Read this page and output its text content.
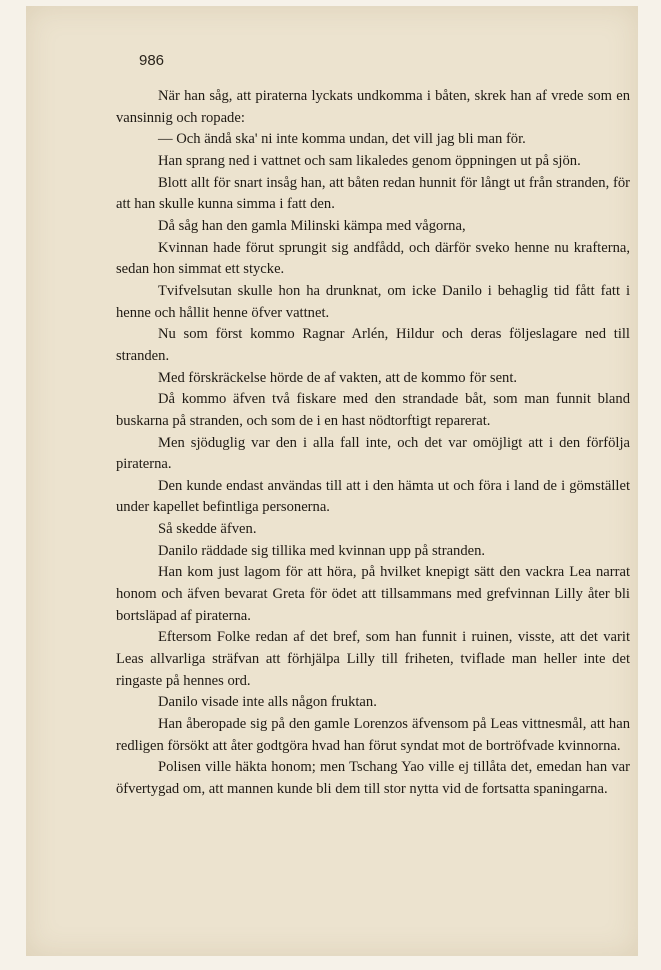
986

När han såg, att piraterna lyckats undkomma i båten, skrek han af vrede som en vansinnig och ropade:

— Och ändå ska' ni inte komma undan, det vill jag bli man för.

Han sprang ned i vattnet och sam likaledes genom öppningen ut på sjön.

Blott allt för snart insåg han, att båten redan hunnit för långt ut från stranden, för att han skulle kunna simma i fatt den.

Då såg han den gamla Milinski kämpa med vågorna,

Kvinnan hade förut sprungit sig andfådd, och därför sveko henne nu krafterna, sedan hon simmat ett stycke.

Tvifvelsutan skulle hon ha drunknat, om icke Danilo i behaglig tid fått fatt i henne och hållit henne öfver vattnet.

Nu som först kommo Ragnar Arlén, Hildur och deras följeslagare ned till stranden.

Med förskräckelse hörde de af vakten, att de kommo för sent.

Då kommo äfven två fiskare med den strandade båt, som man funnit bland buskarna på stranden, och som de i en hast nödtorftigt reparerat.

Men sjöduglig var den i alla fall inte, och det var omöjligt att i den förfölja piraterna.

Den kunde endast användas till att i den hämta ut och föra i land de i gömstället under kapellet befintliga personerna.

Så skedde äfven.

Danilo räddade sig tillika med kvinnan upp på stranden.

Han kom just lagom för att höra, på hvilket knepigt sätt den vackra Lea narrat honom och äfven bevarat Greta för ödet att tillsammans med grefvinnan Lilly åter bli bortsläpad af piraterna.

Eftersom Folke redan af det bref, som han funnit i ruinen, visste, att det varit Leas allvarliga sträfvan att förhjälpa Lilly till friheten, tviflade man heller inte det ringaste på hennes ord.

Danilo visade inte alls någon fruktan.

Han åberopade sig på den gamle Lorenzos äfvensom på Leas vittnesmål, att han redligen försökt att åter godtgöra hvad han förut syndat mot de bortröfvade kvinnorna.

Polisen ville häkta honom; men Tschang Yao ville ej tillåta det, emedan han var öfvertygad om, att mannen kunde bli dem till stor nytta vid de fortsatta spaningarna.
